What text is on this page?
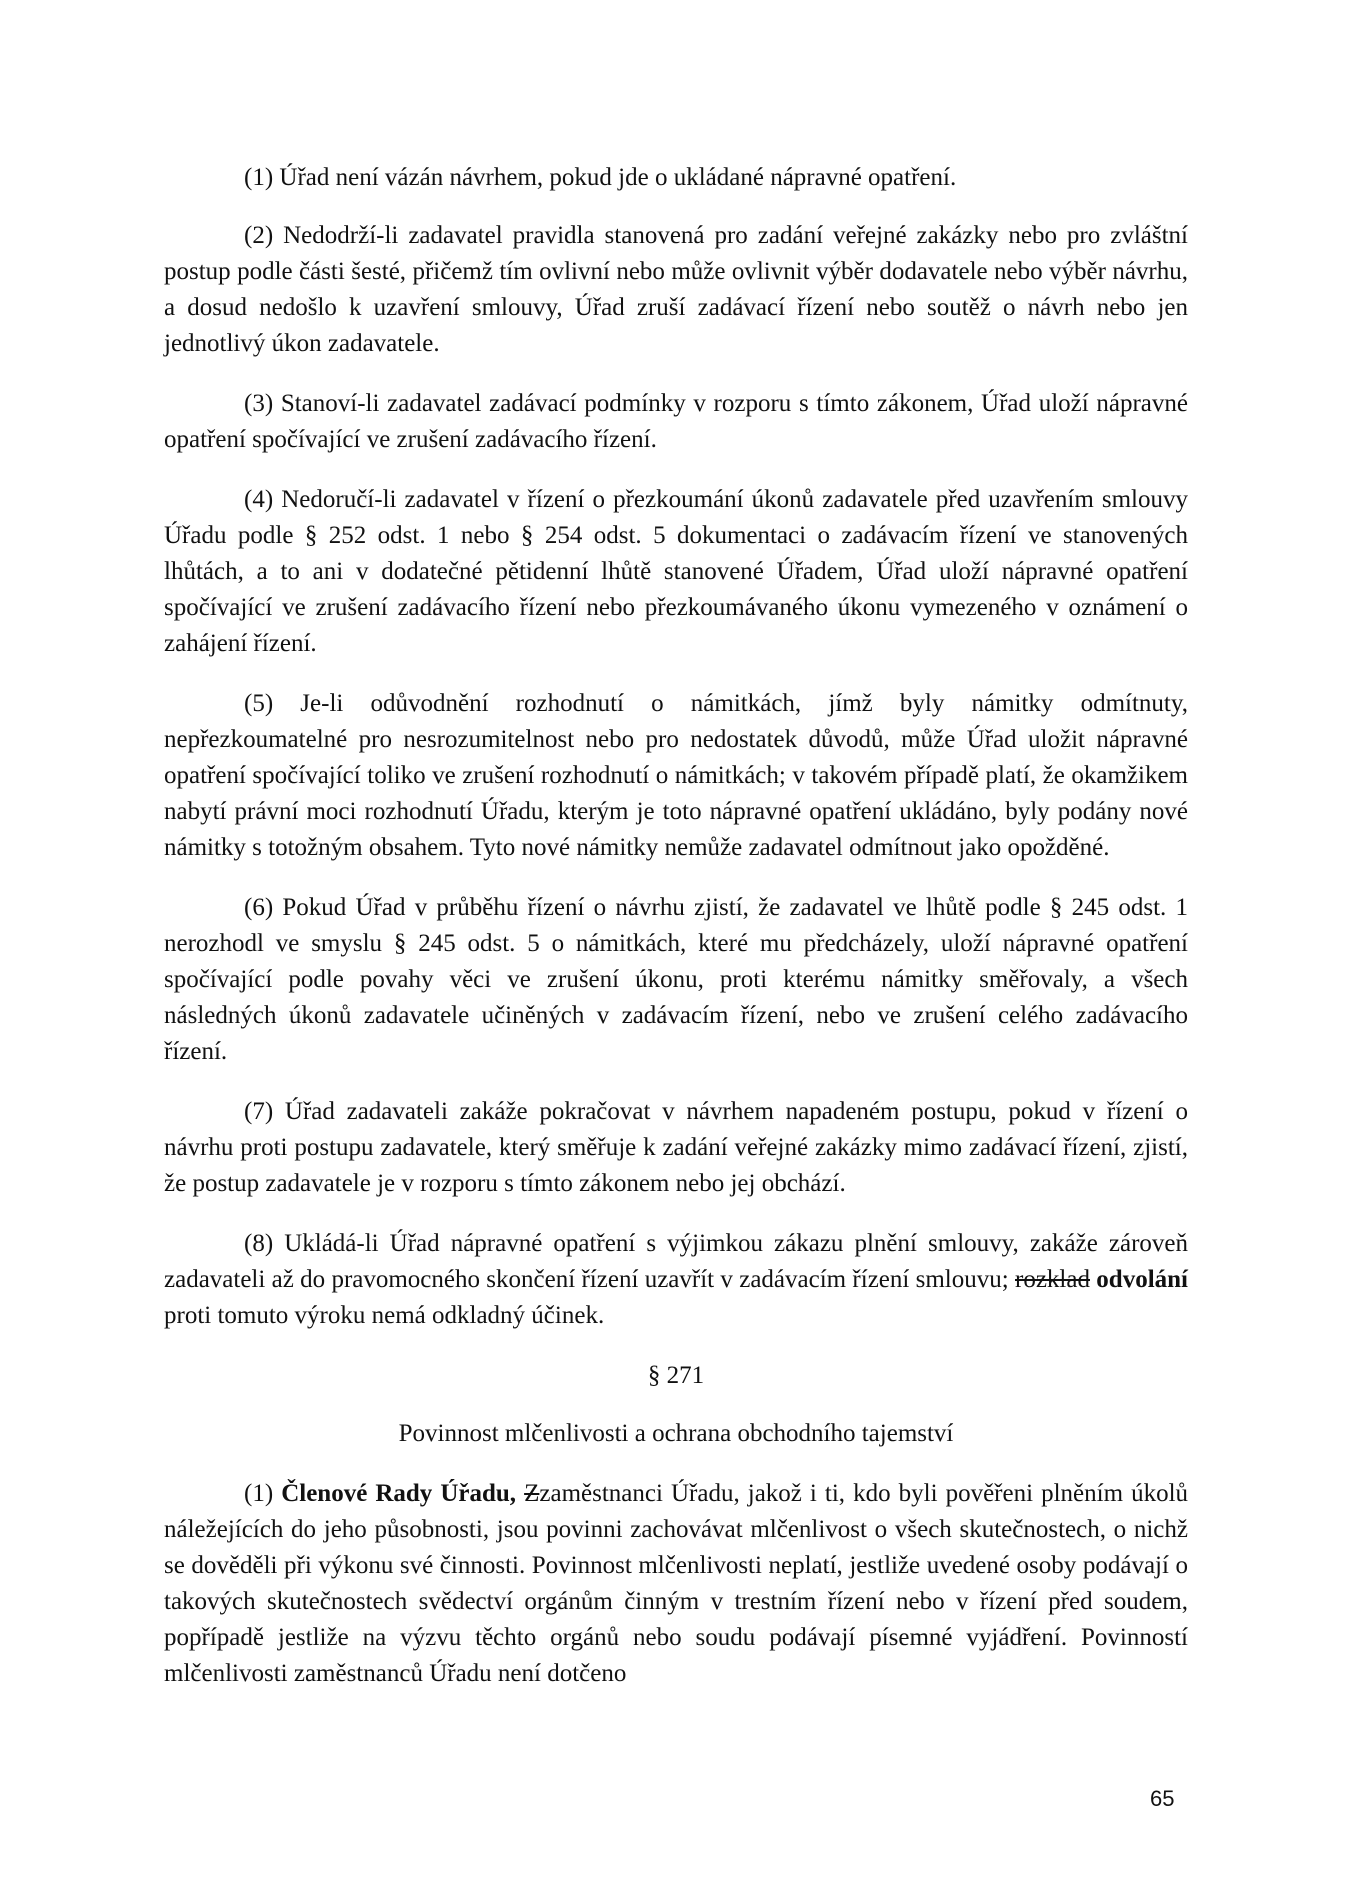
(1) Úřad není vázán návrhem, pokud jde o ukládané nápravné opatření.

(2) Nedodrží-li zadavatel pravidla stanovená pro zadání veřejné zakázky nebo pro zvláštní postup podle části šesté, přičemž tím ovlivní nebo může ovlivnit výběr dodavatele nebo výběr návrhu, a dosud nedošlo k uzavření smlouvy, Úřad zruší zadávací řízení nebo soutěž o návrh nebo jen jednotlivý úkon zadavatele.

(3) Stanoví-li zadavatel zadávací podmínky v rozporu s tímto zákonem, Úřad uloží nápravné opatření spočívající ve zrušení zadávacího řízení.

(4) Nedoručí-li zadavatel v řízení o přezkoumání úkonů zadavatele před uzavřením smlouvy Úřadu podle § 252 odst. 1 nebo § 254 odst. 5 dokumentaci o zadávacím řízení ve stanovených lhůtách, a to ani v dodatečné pětidenní lhůtě stanovené Úřadem, Úřad uloží nápravné opatření spočívající ve zrušení zadávacího řízení nebo přezkoumávaného úkonu vymezeného v oznámení o zahájení řízení.

(5) Je-li odůvodnění rozhodnutí o námitkách, jímž byly námitky odmítnuty, nepřezkoumatelné pro nesrozumitelnost nebo pro nedostatek důvodů, může Úřad uložit nápravné opatření spočívající toliko ve zrušení rozhodnutí o námitkách; v takovém případě platí, že okamžikem nabytí právní moci rozhodnutí Úřadu, kterým je toto nápravné opatření ukládáno, byly podány nové námitky s totožným obsahem. Tyto nové námitky nemůže zadavatel odmítnout jako opožděné.

(6) Pokud Úřad v průběhu řízení o návrhu zjistí, že zadavatel ve lhůtě podle § 245 odst. 1 nerozhodl ve smyslu § 245 odst. 5 o námitkách, které mu předcházely, uloží nápravné opatření spočívající podle povahy věci ve zrušení úkonu, proti kterému námitky směřovaly, a všech následných úkonů zadavatele učiněných v zadávacím řízení, nebo ve zrušení celého zadávacího řízení.

(7) Úřad zadavateli zakáže pokračovat v návrhem napadeném postupu, pokud v řízení o návrhu proti postupu zadavatele, který směřuje k zadání veřejné zakázky mimo zadávací řízení, zjistí, že postup zadavatele je v rozporu s tímto zákonem nebo jej obchází.

(8) Ukládá-li Úřad nápravné opatření s výjimkou zákazu plnění smlouvy, zakáže zároveň zadavateli až do pravomocného skončení řízení uzavřít v zadávacím řízení smlouvu; rozklad odvolání proti tomuto výroku nemá odkladný účinek.

§ 271
Povinnost mlčenlivosti a ochrana obchodního tajemství

(1) Členové Rady Úřadu, Zzaměstnanci Úřadu, jakož i ti, kdo byli pověřeni plněním úkolů náležejících do jeho působnosti, jsou povinni zachovávat mlčenlivost o všech skutečnostech, o nichž se dověděli při výkonu své činnosti. Povinnost mlčenlivosti neplatí, jestliže uvedené osoby podávají o takových skutečnostech svědectví orgánům činným v trestním řízení nebo v řízení před soudem, popřípadě jestliže na výzvu těchto orgánů nebo soudu podávají písemné vyjádření. Povinností mlčenlivosti zaměstnanců Úřadu není dotčeno

65
